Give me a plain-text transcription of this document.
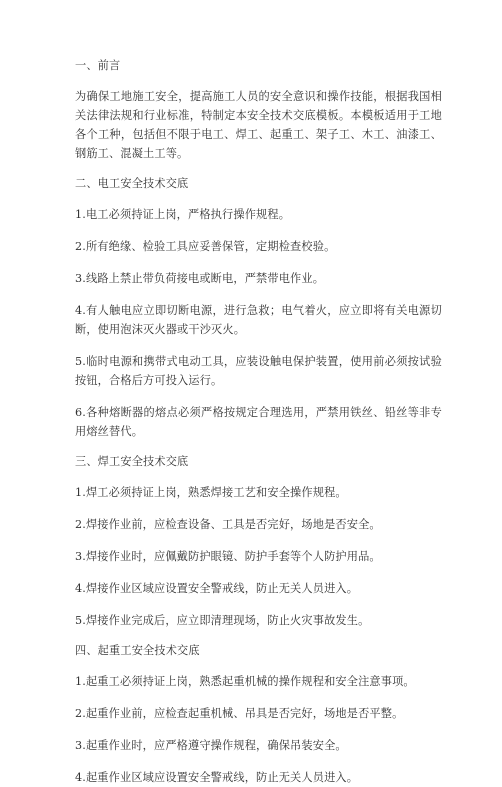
一、前言
为确保工地施工安全，提高施工人员的安全意识和操作技能，根据我国相关法律法规和行业标准，特制定本安全技术交底模板。本模板适用于工地各个工种，包括但不限于电工、焊工、起重工、架子工、木工、油漆工、钢筋工、混凝土工等。
二、电工安全技术交底
1.电工必须持证上岗，严格执行操作规程。
2.所有绝缘、检验工具应妥善保管，定期检查校验。
3.线路上禁止带负荷接电或断电，严禁带电作业。
4.有人触电应立即切断电源，进行急救；电气着火，应立即将有关电源切断，使用泡沫灭火器或干沙灭火。
5.临时电源和携带式电动工具，应装设触电保护装置，使用前必须按试验按钮，合格后方可投入运行。
6.各种熔断器的熔点必须严格按规定合理选用，严禁用铁丝、铅丝等非专用熔丝替代。
三、焊工安全技术交底
1.焊工必须持证上岗，熟悉焊接工艺和安全操作规程。
2.焊接作业前，应检查设备、工具是否完好，场地是否安全。
3.焊接作业时，应佩戴防护眼镜、防护手套等个人防护用品。
4.焊接作业区域应设置安全警戒线，防止无关人员进入。
5.焊接作业完成后，应立即清理现场，防止火灾事故发生。
四、起重工安全技术交底
1.起重工必须持证上岗，熟悉起重机械的操作规程和安全注意事项。
2.起重作业前，应检查起重机械、吊具是否完好，场地是否平整。
3.起重作业时，应严格遵守操作规程，确保吊装安全。
4.起重作业区域应设置安全警戒线，防止无关人员进入。
